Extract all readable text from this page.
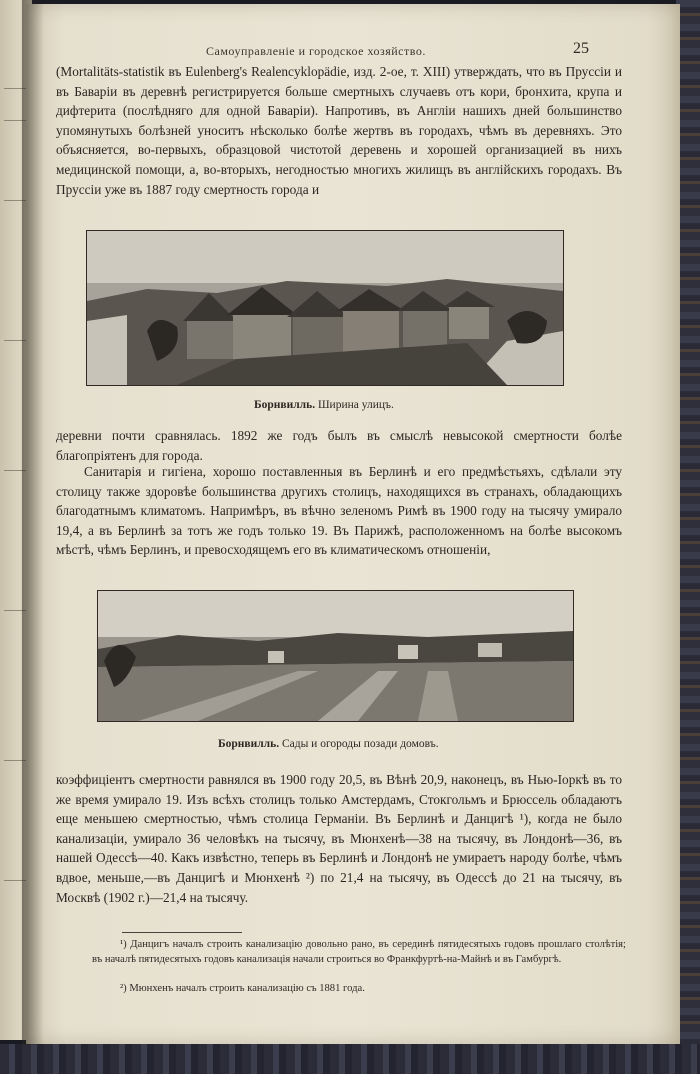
Самоуправленіе и городское хозяйство.	25

(Mortalitäts-statistik въ Eulenberg's Realencyklopädie, изд. 2-ое, т. XIII) утверждать, что въ Пруссіи и въ Баваріи въ деревнѣ регистрируется больше смертныхъ случаевъ отъ кори, бронхита, крупа и дифтерита (послѣдняго для одной Баваріи). Напротивъ, въ Англіи нашихъ дней большинство упомянутыхъ болѣзней уноситъ нѣсколько болѣе жертвъ въ городахъ, чѣмъ въ деревняхъ. Это объясняется, во-первыхъ, образцовой чистотой деревень и хорошей организацией въ нихъ медицинской помощи, а, во-вторыхъ, негодностью многихъ жилищъ въ англійскихъ городахъ. Въ Пруссіи уже въ 1887 году смертность города и

Борнвилль. Ширина улицъ.

деревни почти сравнялась. 1892 же годъ былъ въ смыслѣ невысокой смертности болѣе благопріятенъ для города.

Санитарія и гигіена, хорошо поставленныя въ Берлинѣ и его предмѣстьяхъ, сдѣлали эту столицу также здоровѣе большинства другихъ столицъ, находящихся въ странахъ, обладающихъ благодатнымъ климатомъ. Напримѣръ, въ вѣчно зеленомъ Римѣ въ 1900 году на тысячу умирало 19,4, а въ Берлинѣ за тотъ же годъ только 19. Въ Парижѣ, расположенномъ на болѣе высокомъ мѣстѣ, чѣмъ Берлинъ, и превосходящемъ его въ климатическомъ отношеніи,

Борнвилль. Сады и огороды позади домовъ.

коэффиціентъ смертности равнялся въ 1900 году 20,5, въ Вѣнѣ 20,9, наконецъ, въ Нью-Іоркѣ въ то же время умирало 19. Изъ всѣхъ столицъ только Амстердамъ, Стокгольмъ и Брюссель обладаютъ еще меньшею смертностью, чѣмъ столица Германіи. Въ Берлинѣ и Данцигѣ ¹), когда не было канализаціи, умирало 36 человѣкъ на тысячу, въ Мюнхенѣ—38 на тысячу, въ Лондонѣ—36, въ нашей Одессѣ—40. Какъ извѣстно, теперь въ Берлинѣ и Лондонѣ не умираетъ народу болѣе, чѣмъ вдвое, меньше,—въ Данцигѣ и Мюнхенѣ ²) по 21,4 на тысячу, въ Одессѣ до 21 на тысячу, въ Москвѣ (1902 г.)—21,4 на тысячу.

¹) Данцигъ началъ строить канализацію довольно рано, въ серединѣ пятидесятыхъ годовъ прошлаго столѣтія; въ началѣ пятидесятыхъ годовъ канализація начали строиться во Франкфуртѣ-на-Майнѣ и въ Гамбургѣ.

²) Мюнхенъ началъ строить канализацію съ 1881 года.
